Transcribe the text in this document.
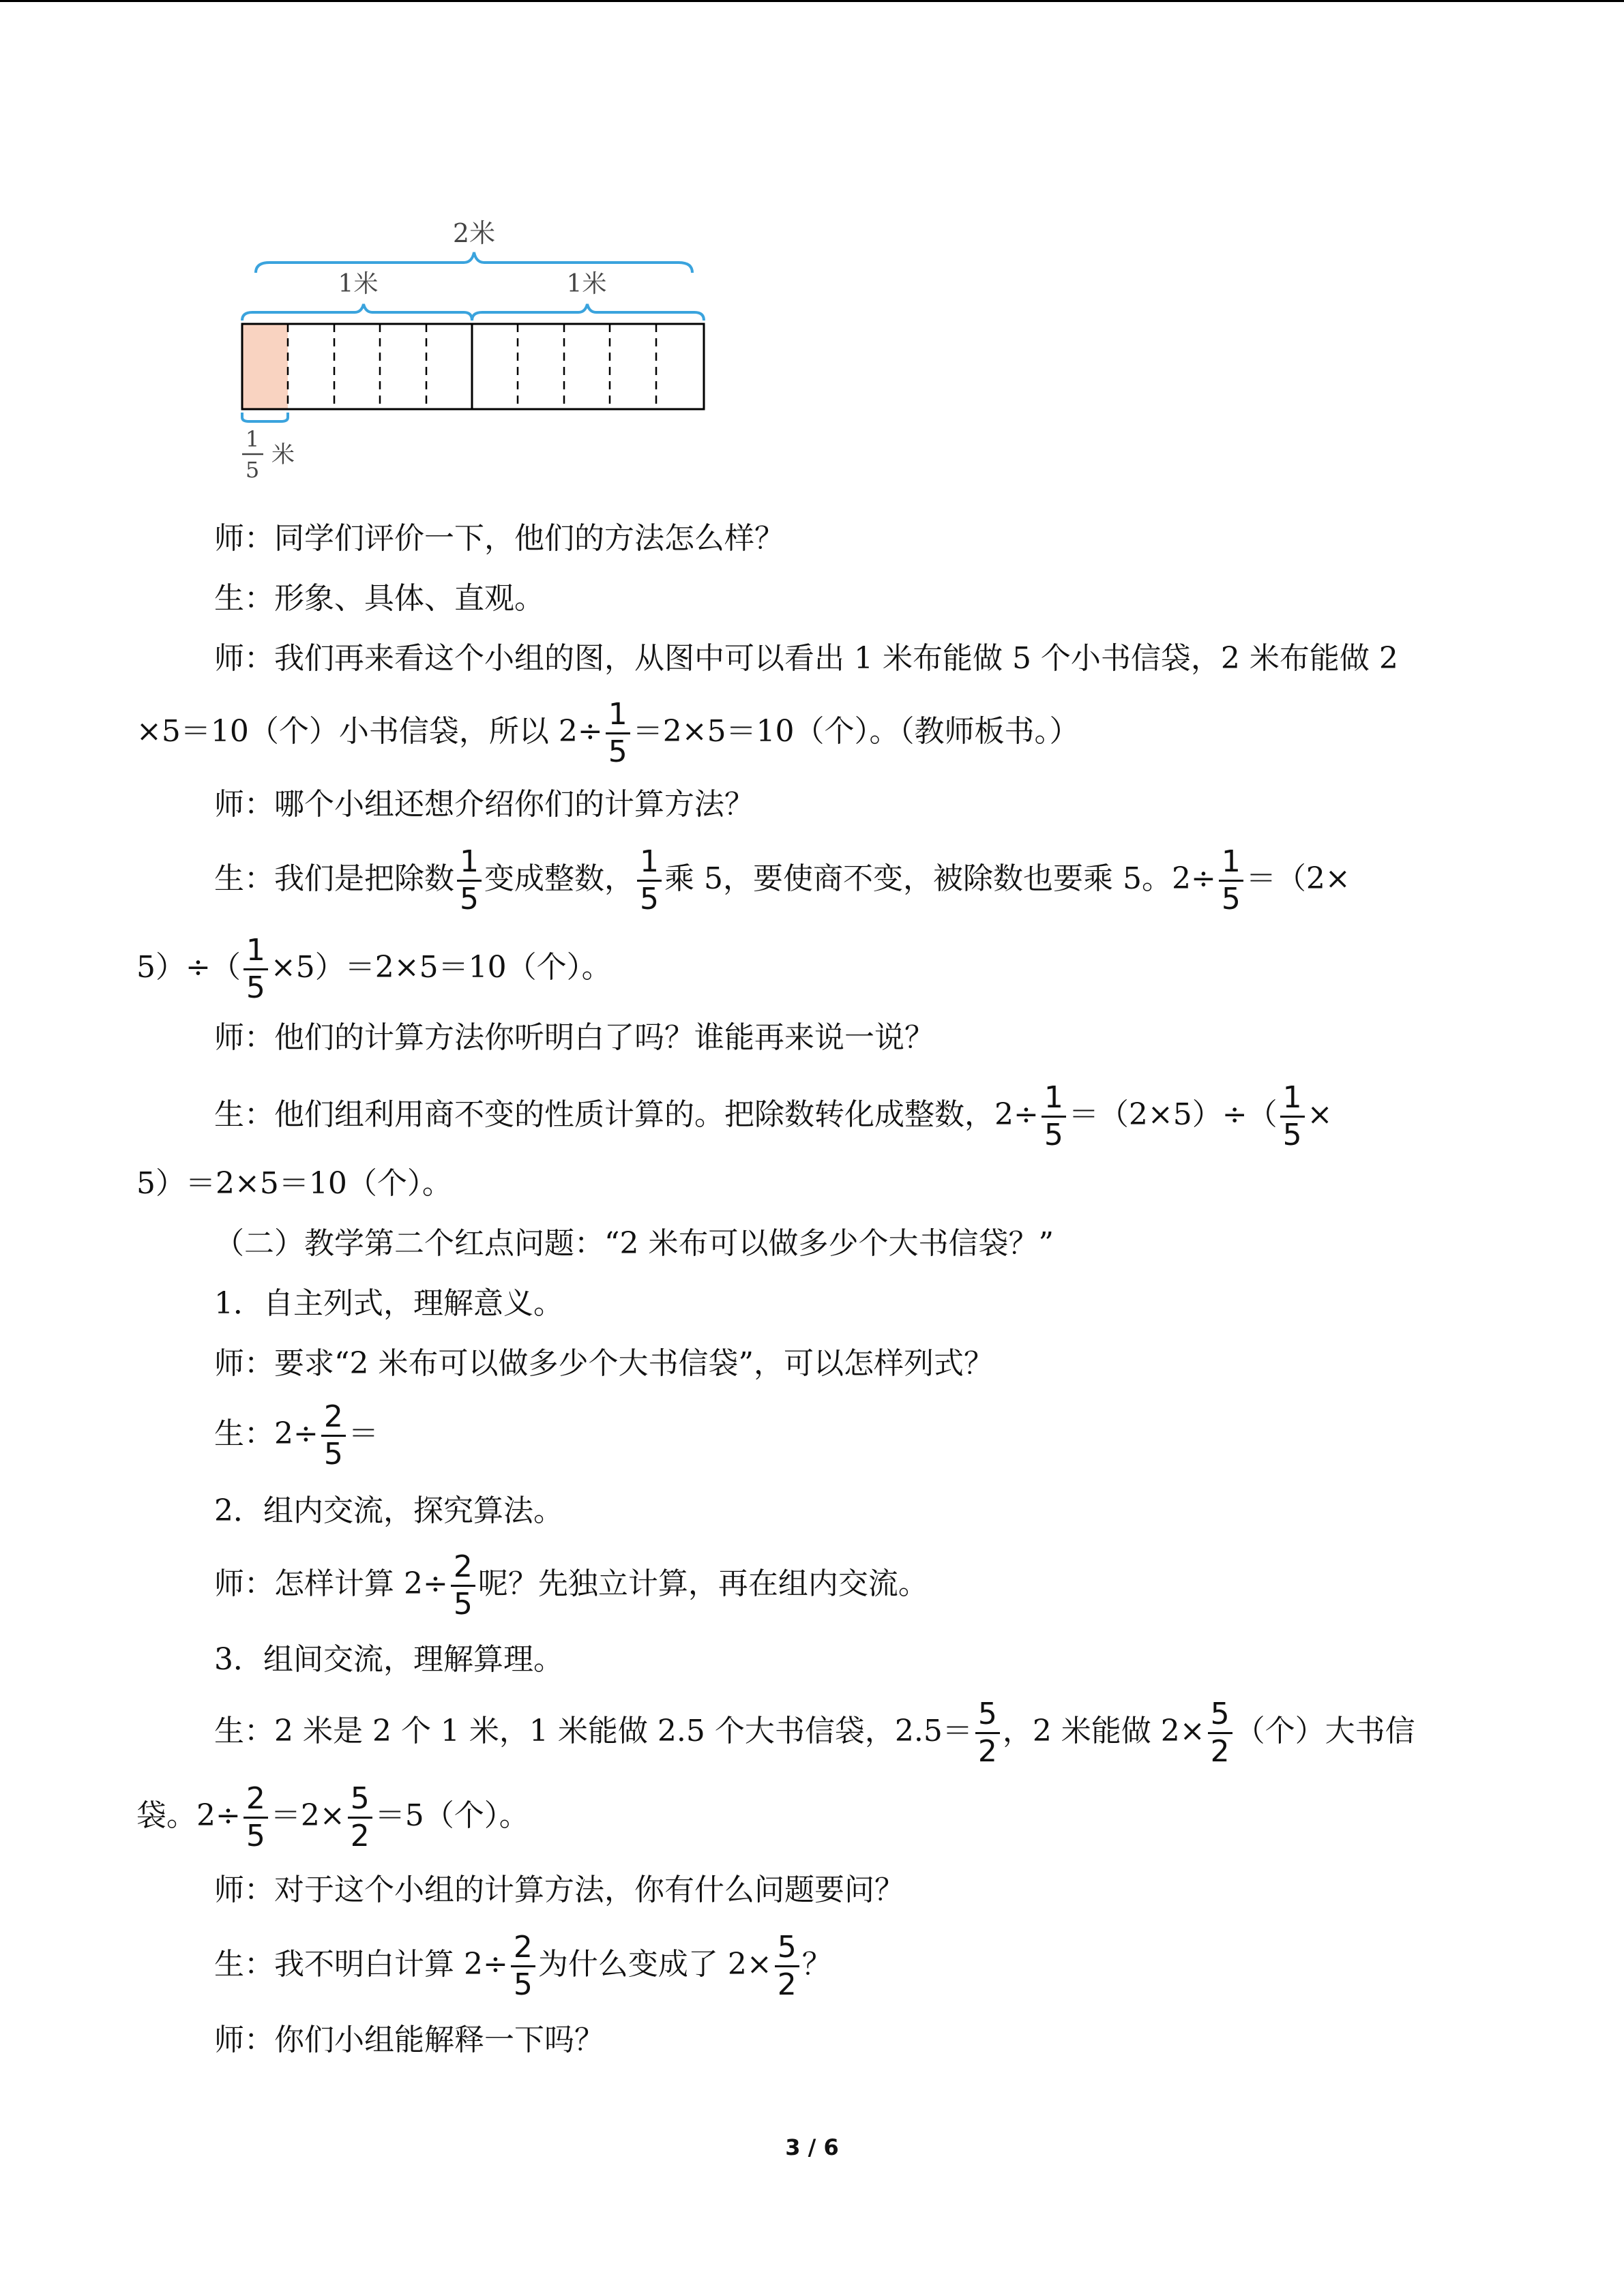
2米
1米	1米
1
5
米
师：同学们评价一下，他们的方法怎么样？
生：形象、具体、直观。
师：我们再来看这个小组的图，从图中可以看出 1 米布能做 5 个小书信袋，2 米布能做 2
×5＝10（个）小书信袋，所以 $2\div \frac{1}{5} =2\times 5=10$（个）。（教师板书。）
师：哪个小组还想介绍你们的计算方法？
生：我们是把除数 $\frac{1}{5}$ 变成整数， $\frac{1}{5}$ 乘 5，要使商不变，被除数也要乘 5。$2\div \frac{1}{5} =(2\times$
$5)\div( \frac{1}{5} \times 5)=2\times 5=10$（个）。
师：他们的计算方法你听明白了吗？谁能再来说一说？
生：他们组利用商不变的性质计算的。把除数转化成整数，$2\div \frac{1}{5} =(2\times 5)\div( \frac{1}{5}$ ×
5）＝2×5＝10（个）。
（二）教学第二个红点问题：“2 米布可以做多少个大书信袋？”
1．自主列式，理解意义。
师：要求“2 米布可以做多少个大书信袋”，可以怎样列式？
生：$2\div \frac{2}{5}$ ＝
2．组内交流，探究算法。
师：怎样计算 $2\div \frac{2}{5}$ 呢？先独立计算，再在组内交流。
3．组间交流，理解算理。
生：2 米是 2 个 1 米，1 米能做 2.5 个大书信袋，$2.5= \frac{5}{2}$ ，2 米能做 $2\times \frac{5}{2}$ （个）大书信
袋。$2\div \frac{2}{5} =2\times \frac{5}{2} =5$（个）。
师：对于这个小组的计算方法，你有什么问题要问？
生：我不明白计算 $2\div \frac{2}{5}$ 为什么变成了 $2\times \frac{5}{2}$ ？
师：你们小组能解释一下吗？
3 / 6
